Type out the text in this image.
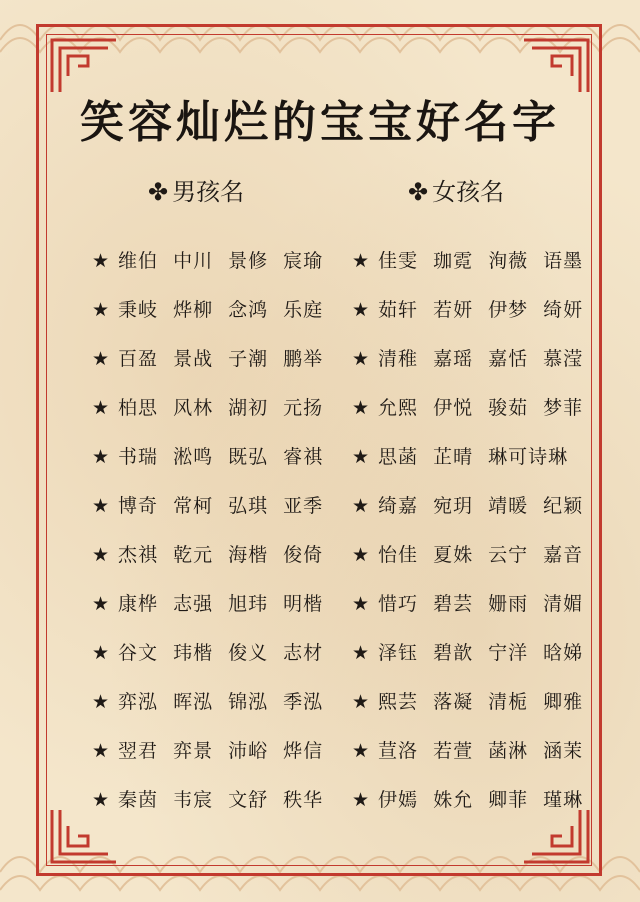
笑容灿烂的宝宝好名字
✤ 男孩名	✤ 女孩名
★ 维伯 中川 景修 宸瑜
★ 秉岐 烨柳 念鸿 乐庭
★ 百盈 景战 子潮 鹏举
★ 柏思 风林 湖初 元扬
★ 书瑞 淞鸣 既弘 睿祺
★ 博奇 常柯 弘琪 亚季
★ 杰祺 乾元 海楷 俊倚
★ 康桦 志强 旭玮 明楷
★ 谷文 玮楷 俊义 志材
★ 弈泓 晖泓 锦泓 季泓
★ 翌君 弈景 沛峪 烨信
★ 秦茵 韦宸 文舒 秩华
★ 佳雯 珈霓 洵薇 语墨
★ 茹轩 若妍 伊梦 绮妍
★ 清稚 嘉瑶 嘉恬 慕滢
★ 允熙 伊悦 骏茹 梦菲
★ 思菡 芷晴 琳可诗琳
★ 绮嘉 宛玥 靖暖 纪颖
★ 怡佳 夏姝 云宁 嘉音
★ 惜巧 碧芸 姗雨 清媚
★ 泽钰 碧歆 宁洋 晗娣
★ 熙芸 落凝 清栀 卿雅
★ 荁洛 若萱 菡淋 涵茉
★ 伊嫣 姝允 卿菲 瑾琳
